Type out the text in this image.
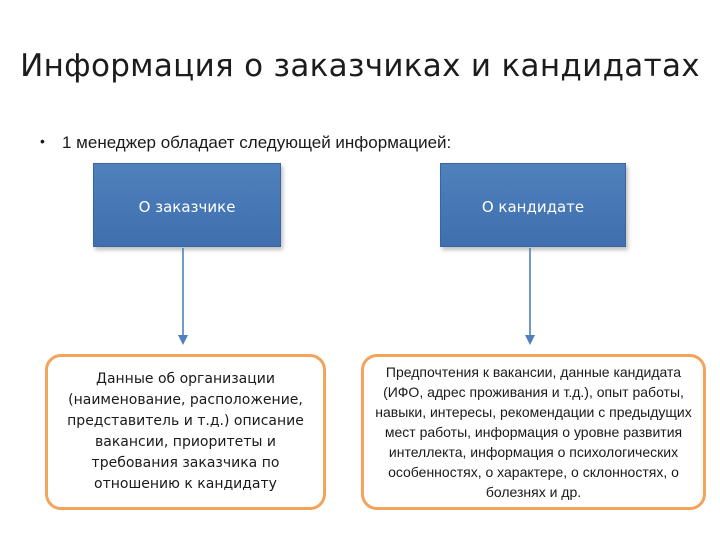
Информация о заказчиках и кандидатах
• 1 менеджер обладает следующей информацией:
О заказчике	О кандидате
Данные об организации (наименование, расположение, представитель и т.д.) описание вакансии, приоритеты и требования заказчика по отношению к кандидату
Предпочтения к вакансии, данные кандидата (ИФО, адрес проживания и т.д.), опыт работы, навыки, интересы, рекомендации с предыдущих мест работы, информация о уровне развития интеллекта, информация о психологических особенностях, о характере, о склонностях, о болезнях и др.
